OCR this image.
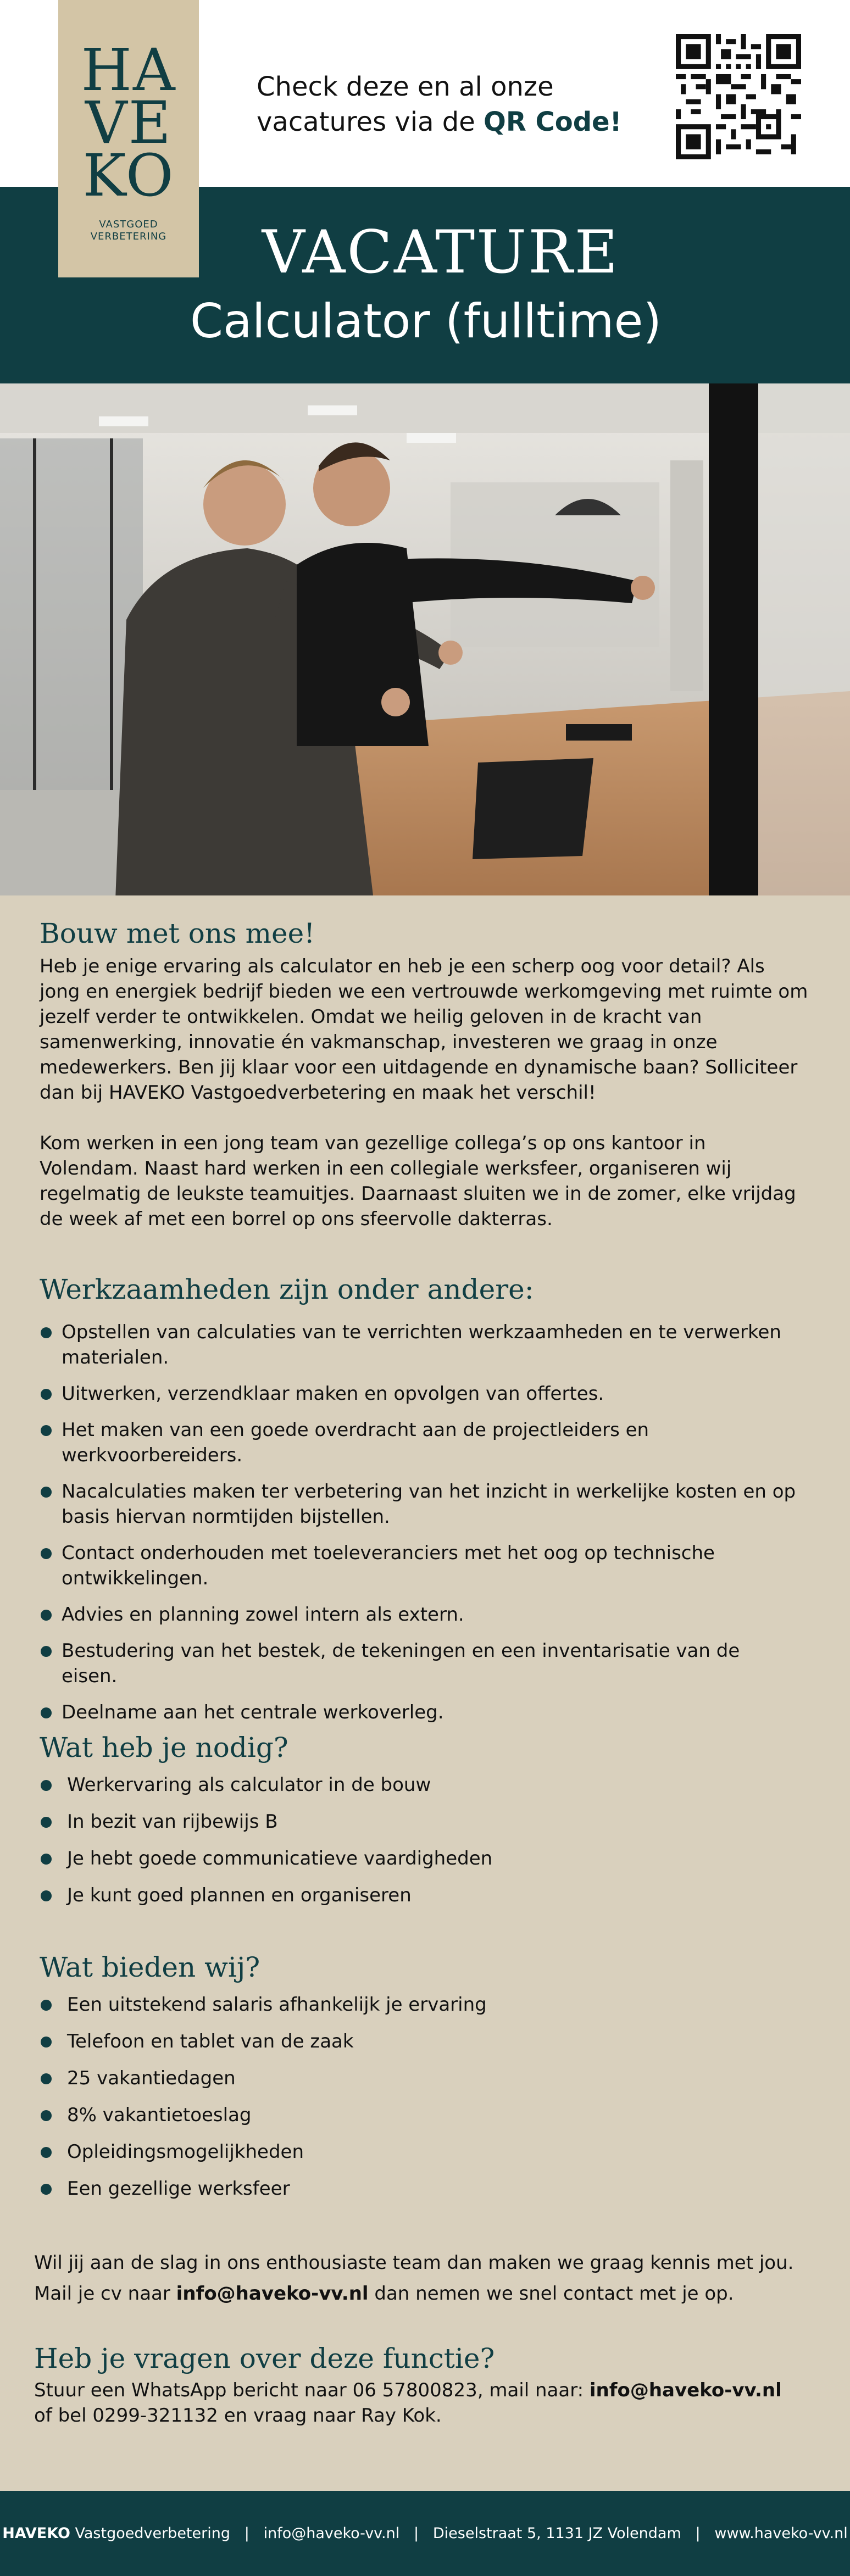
HA
VE
KO
VASTGOED
VERBETERING
Check deze en al onze
vacatures via de QR Code!
VACATURE
Calculator (fulltime)
Bouw met ons mee!

Heb je enige ervaring als calculator en heb je een scherp oog voor detail? Als jong en energiek bedrijf bieden we een vertrouwde werkomgeving met ruimte om jezelf verder te ontwikkelen. Omdat we heilig geloven in de kracht van samenwerking, innovatie én vakmanschap, investeren we graag in onze medewerkers. Ben jij klaar voor een uitdagende en dynamische baan? Solliciteer dan bij HAVEKO Vastgoedverbetering en maak het verschil!

Kom werken in een jong team van gezellige collega’s op ons kantoor in Volendam. Naast hard werken in een collegiale werksfeer, organiseren wij regelmatig de leukste teamuitjes. Daarnaast sluiten we in de zomer, elke vrijdag de week af met een borrel op ons sfeervolle dakterras.

Werkzaamheden zijn onder andere:
Opstellen van calculaties van te verrichten werkzaamheden en te verwerken materialen.
Uitwerken, verzendklaar maken en opvolgen van offertes.
Het maken van een goede overdracht aan de projectleiders en werkvoorbereiders.
Nacalculaties maken ter verbetering van het inzicht in werkelijke kosten en op basis hiervan normtijden bijstellen.
Contact onderhouden met toeleveranciers met het oog op technische ontwikkelingen.
Advies en planning zowel intern als extern.
Bestudering van het bestek, de tekeningen en een inventarisatie van de eisen.
Deelname aan het centrale werkoverleg.
Wat heb je nodig?
Werkervaring als calculator in de bouw
In bezit van rijbewijs B
Je hebt goede communicatieve vaardigheden
Je kunt goed plannen en organiseren
Wat bieden wij?
Een uitstekend salaris afhankelijk je ervaring
Telefoon en tablet van de zaak
25 vakantiedagen
8% vakantietoeslag
Opleidingsmogelijkheden
Een gezellige werksfeer

Wil jij aan de slag in ons enthousiaste team dan maken we graag kennis met jou.

Mail je cv naar info@haveko-vv.nl dan nemen we snel contact met je op.

Heb je vragen over deze functie?

Stuur een WhatsApp bericht naar 06 57800823, mail naar: info@haveko-vv.nl of bel 0299-321132 en vraag naar Ray Kok.

HAVEKO Vastgoedverbetering | info@haveko-vv.nl | Dieselstraat 5, 1131 JZ Volendam | www.haveko-vv.nl
